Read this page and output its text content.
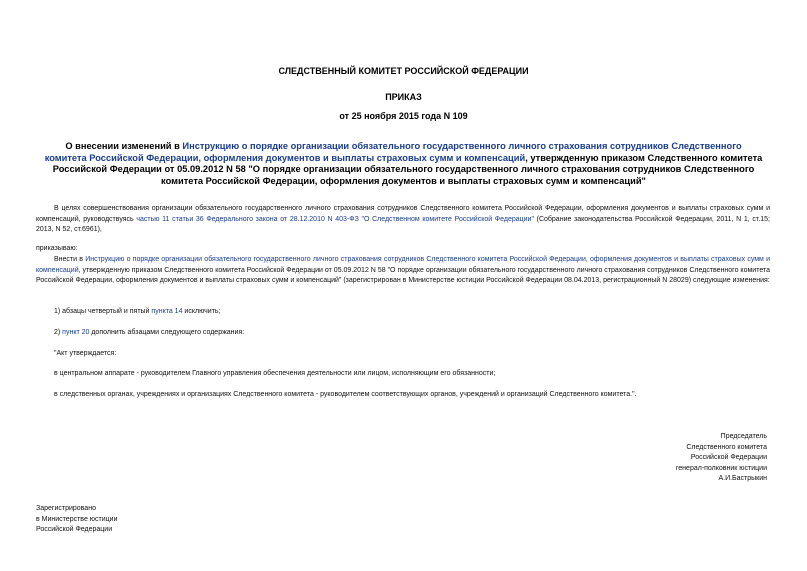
СЛЕДСТВЕННЫЙ КОМИТЕТ РОССИЙСКОЙ ФЕДЕРАЦИИ
ПРИКАЗ
от 25 ноября 2015 года N 109
О внесении изменений в Инструкцию о порядке организации обязательного государственного личного страхования сотрудников Следственного комитета Российской Федерации, оформления документов и выплаты страховых сумм и компенсаций, утвержденную приказом Следственного комитета Российской Федерации от 05.09.2012 N 58 "О порядке организации обязательного государственного личного страхования сотрудников Следственного комитета Российской Федерации, оформления документов и выплаты страховых сумм и компенсаций"
В целях совершенствования организации обязательного государственного личного страхования сотрудников Следственного комитета Российской Федерации, оформления документов и выплаты страховых сумм и компенсаций, руководствуясь частью 11 статьи 36 Федерального закона от 28.12.2010 N 403-ФЗ "О Следственном комитете Российской Федерации" (Собрание законодательства Российской Федерации, 2011, N 1, ст.15; 2013, N 52, ст.6961),
приказываю:
Внести в Инструкцию о порядке организации обязательного государственного личного страхования сотрудников Следственного комитета Российской Федерации, оформления документов и выплаты страховых сумм и компенсаций, утвержденную приказом Следственного комитета Российской Федерации от 05.09.2012 N 58 "О порядке организации обязательного государственного личного страхования сотрудников Следственного комитета Российской Федерации, оформления документов и выплаты страховых сумм и компенсаций" (зарегистрирован в Министерстве юстиции Российской Федерации 08.04.2013, регистрационный N 28029) следующие изменения:
1) абзацы четвертый и пятый пункта 14 исключить;
2) пункт 20 дополнить абзацами следующего содержания:
"Акт утверждается:
в центральном аппарате - руководителем Главного управления обеспечения деятельности или лицом, исполняющим его обязанности;
в следственных органах, учреждениях и организациях Следственного комитета - руководителем соответствующих органов, учреждений и организаций Следственного комитета.".
Председатель
Следственного комитета
Российской Федерации
генерал-полковник юстиции
А.И.Бастрыкин
Зарегистрировано
в Министерстве юстиции
Российской Федерации
